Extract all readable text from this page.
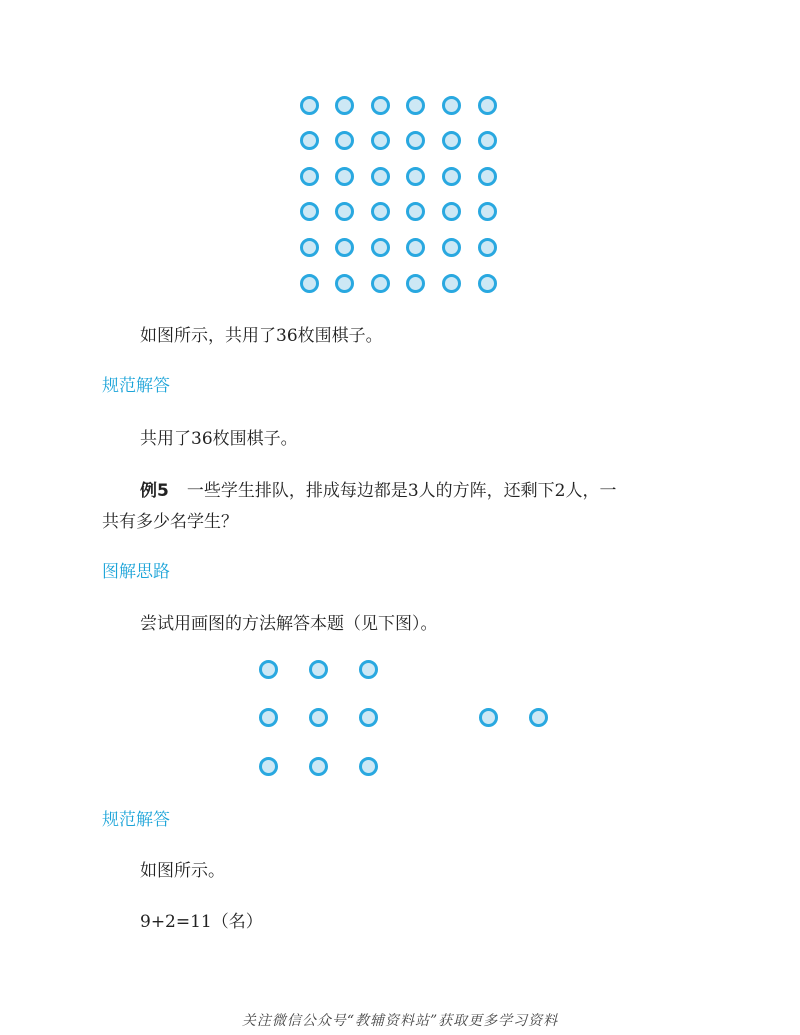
如图所示，共用了36枚围棋子。
规范解答
共用了36枚围棋子。
例5 一些学生排队，排成每边都是3人的方阵，还剩下2人，一
共有多少名学生？
图解思路
尝试用画图的方法解答本题（见下图）。
规范解答
如图所示。
9+2=11（名）
关注微信公众号“教辅资料站”获取更多学习资料
